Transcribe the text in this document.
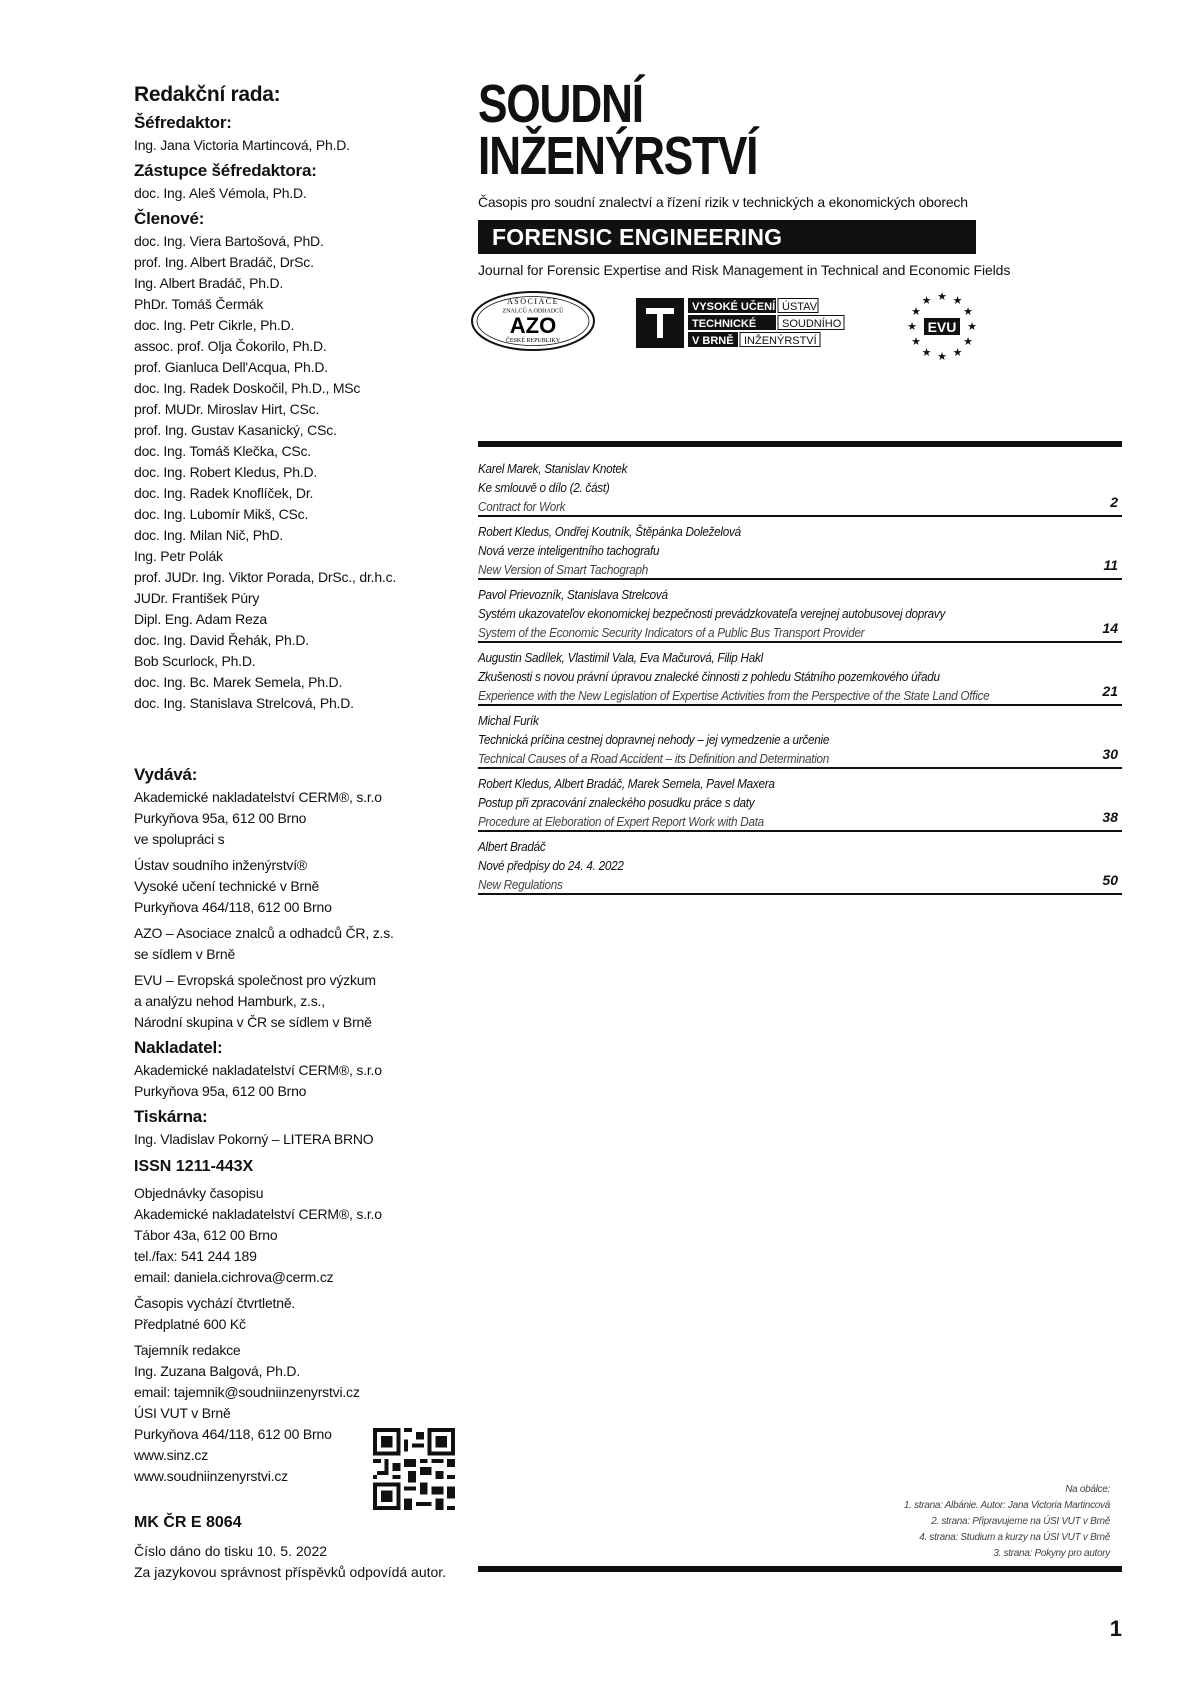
Redakční rada:
Šéfredaktor:
Ing. Jana Victoria Martincová, Ph.D.
Zástupce šéfredaktora:
doc. Ing. Aleš Vémola, Ph.D.
Členové:
doc. Ing. Viera Bartošová, PhD.
prof. Ing. Albert Bradáč, DrSc.
Ing. Albert Bradáč, Ph.D.
PhDr. Tomáš Čermák
doc. Ing. Petr Cikrle, Ph.D.
assoc. prof. Olja Čokorilo, Ph.D.
prof. Gianluca Dell'Acqua, Ph.D.
doc. Ing. Radek Doskočil, Ph.D., MSc
prof. MUDr. Miroslav Hirt, CSc.
prof. Ing. Gustav Kasanický, CSc.
doc. Ing. Tomáš Klečka, CSc.
doc. Ing. Robert Kledus, Ph.D.
doc. Ing. Radek Knoflíček, Dr.
doc. Ing. Lubomír Mikš, CSc.
doc. Ing. Milan Nič, PhD.
Ing. Petr Polák
prof. JUDr. Ing. Viktor Porada, DrSc., dr.h.c.
JUDr. František Púry
Dipl. Eng. Adam Reza
doc. Ing. David Řehák, Ph.D.
Bob Scurlock, Ph.D.
doc. Ing. Bc. Marek Semela, Ph.D.
doc. Ing. Stanislava Strelcová, Ph.D.
Vydává:
Akademické nakladatelství CERM®, s.r.o
Purkyňova 95a, 612 00 Brno
ve spolupráci s
Ústav soudního inženýrství®
Vysoké učení technické v Brně
Purkyňova 464/118, 612 00 Brno
AZO – Asociace znalců a odhadců ČR, z.s.
se sídlem v Brně
EVU – Evropská společnost pro výzkum
a analýzu nehod Hamburk, z.s.,
Národní skupina v ČR se sídlem v Brně
Nakladatel:
Akademické nakladatelství CERM®, s.r.o
Purkyňova 95a, 612 00 Brno
Tiskárna:
Ing. Vladislav Pokorný – LITERA BRNO
ISSN 1211-443X
Objednávky časopisu
Akademické nakladatelství CERM®, s.r.o
Tábor 43a, 612 00 Brno
tel./fax: 541 244 189
email: daniela.cichrova@cerm.cz
Časopis vychází čtvrtletně.
Předplatné 600 Kč
Tajemník redakce
Ing. Zuzana Balgová, Ph.D.
email: tajemnik@soudniinzenyrstvi.cz
ÚSI VUT v Brně
Purkyňova 464/118, 612 00 Brno
www.sinz.cz
www.soudniinzenyrstvi.cz
MK ČR E 8064
Číslo dáno do tisku 10. 5. 2022
Za jazykovou správnost příspěvků odpovídá autor.
SOUDNÍ
INŽENÝRSTVÍ
Časopis pro soudní znalectví a řízení rizik v technických a ekonomických oborech
FORENSIC ENGINEERING
Journal for Forensic Expertise and Risk Management in Technical and Economic Fields
ASOCIACE
ZNALCŮ A ODHADCŮ
AZO
ČESKÉ REPUBLIKY
VYSOKÉ UČENÍ
TECHNICKÉ
V BRNĚ
ÚSTAV
SOUDNÍHO
INŽENÝRSTVÍ
★ ★
★
★
★
★
★
★
★
★
★
★
EVU
Karel Marek, Stanislav Knotek
Ke smlouvě o dílo (2. část)
Contract for Work	2
Robert Kledus, Ondřej Koutník, Štěpánka Doleželová
Nová verze inteligentního tachografu
New Version of Smart Tachograph	11
Pavol Prievozník, Stanislava Strelcová
Systém ukazovateľov ekonomickej bezpečnosti prevádzkovateľa verejnej autobusovej dopravy
System of the Economic Security Indicators of a Public Bus Transport Provider	14
Augustin Sadílek, Vlastimil Vala, Eva Mačurová, Filip Hakl
Zkušenosti s novou právní úpravou znalecké činnosti z pohledu Státního pozemkového úřadu
Experience with the New Legislation of Expertise Activities from the Perspective of the State Land Office	21
Michal Furík
Technická príčina cestnej dopravnej nehody – jej vymedzenie a určenie
Technical Causes of a Road Accident – its Definition and Determination	30
Robert Kledus, Albert Bradáč, Marek Semela, Pavel Maxera
Postup při zpracování znaleckého posudku práce s daty
Procedure at Eleboration of Expert Report Work with Data	38
Albert Bradáč
Nové předpisy do 24. 4. 2022
New Regulations	50
Na obálce:
1. strana: Albánie. Autor: Jana Victoria Martincová
2. strana: Připravujeme na ÚSI VUT v Brně
4. strana: Studium a kurzy na ÚSI VUT v Brně
3. strana: Pokyny pro autory
1
